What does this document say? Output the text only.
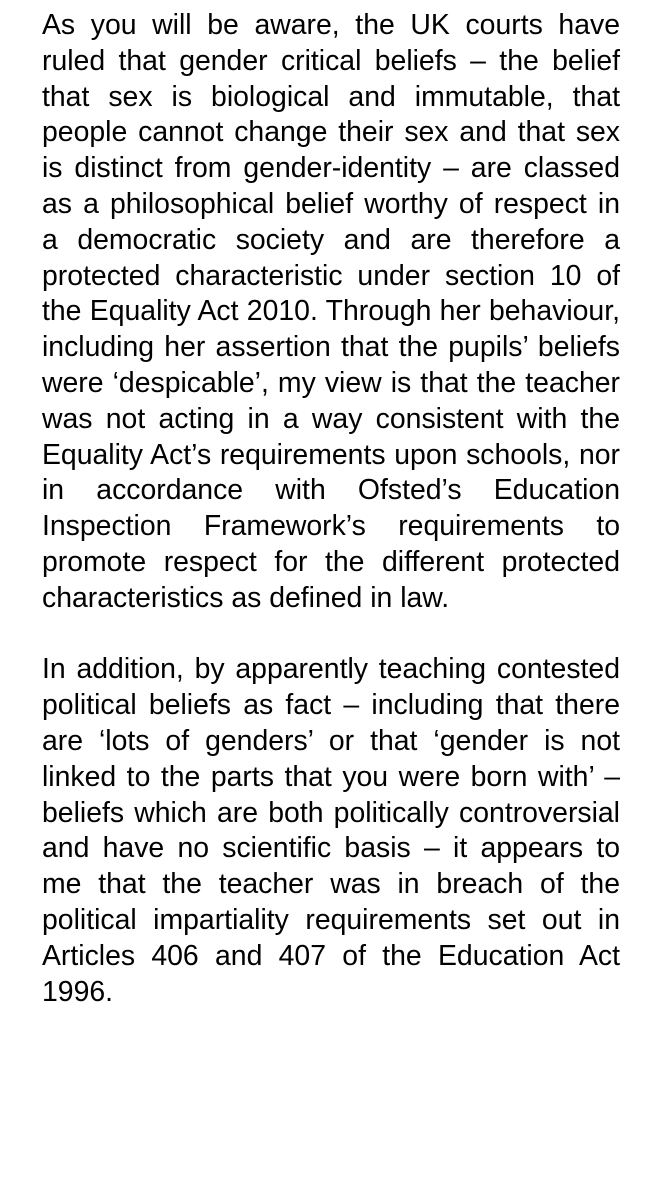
As you will be aware, the UK courts have ruled that gender critical beliefs – the belief that sex is biological and immutable, that people cannot change their sex and that sex is distinct from gender-identity – are classed as a philosophical belief worthy of respect in a democratic society and are therefore a protected characteristic under section 10 of the Equality Act 2010. Through her behaviour, including her assertion that the pupils’ beliefs were ‘despicable’, my view is that the teacher was not acting in a way consistent with the Equality Act’s requirements upon schools, nor in accordance with Ofsted’s Education Inspection Framework’s requirements to promote respect for the different protected characteristics as defined in law.

In addition, by apparently teaching contested political beliefs as fact – including that there are ‘lots of genders’ or that ‘gender is not linked to the parts that you were born with’ – beliefs which are both politically controversial and have no scientific basis – it appears to me that the teacher was in breach of the political impartiality requirements set out in Articles 406 and 407 of the Education Act 1996.
